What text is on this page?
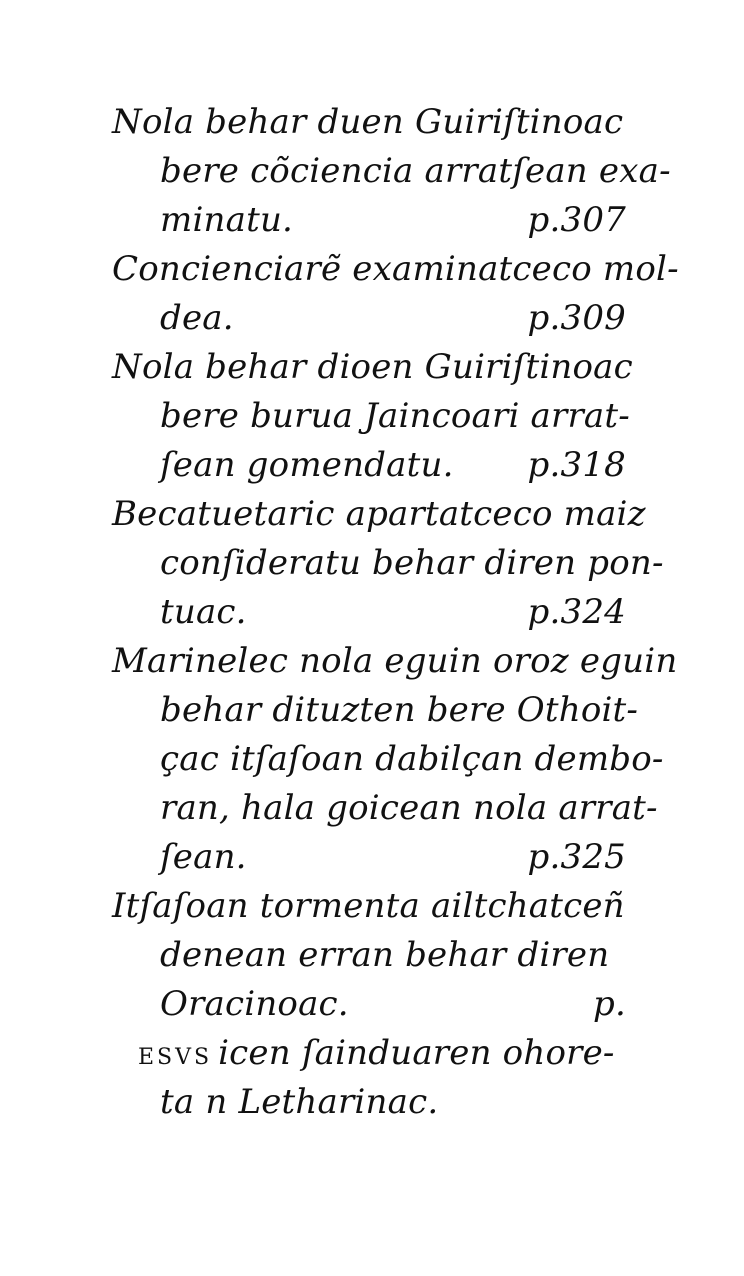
Nola behar duen Guiriſtinoac
bere cõciencia arratſean exa-
minatu.	p.307
Concienciarẽ examinatceco mol-
dea.	p.309
Nola behar dioen Guiriſtinoac
bere burua Jaincoari arrat-
ſean gomendatu. p.318
Becatuetaric apartatceco maiz
conſideratu behar diren pon-
tuac.	p.324
Marinelec nola eguin oroz eguin
behar dituzten bere Othoit-
çac itſaſoan dabilçan dembo-
ran, hala goicean nola arrat-
ſean.	p.325
Itſaſoan tormenta ailtchatceñ
denean erran behar diren
Oracinoac.	p.
ESVS icen ſainduaren ohore-
ta n Letharinac.
